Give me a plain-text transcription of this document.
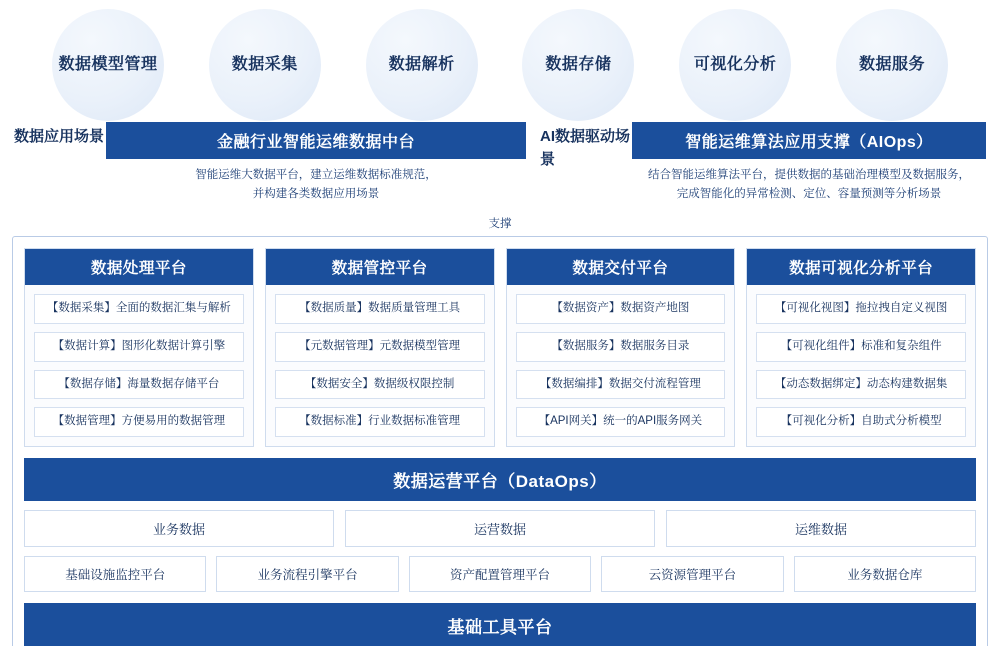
数据模型管理	数据采集	数据解析	数据存储	可视化分析	数据服务
数据应用场景	金融行业智能运维数据中台
智能运维大数据平台，建立运维数据标准规范，
并构建各类数据应用场景
AI数据驱动场景
智能运维算法应用支撑（AIOps）
结合智能运维算法平台，提供数据的基础治理模型及数据服务，
完成智能化的异常检测、定位、容量预测等分析场景
支撑
数据处理平台
【数据采集】全面的数据汇集与解析
【数据计算】图形化数据计算引擎
【数据存储】海量数据存储平台
【数据管理】方便易用的数据管理
数据管控平台
【数据质量】数据质量管理工具
【元数据管理】元数据模型管理
【数据安全】数据级权限控制
【数据标准】行业数据标准管理
数据交付平台
【数据资产】数据资产地图
【数据服务】数据服务目录
【数据编排】数据交付流程管理
【API网关】统一的API服务网关
数据可视化分析平台
【可视化视图】拖拉拽自定义视图
【可视化组件】标准和复杂组件
【动态数据绑定】动态构建数据集
【可视化分析】自助式分析模型
数据运营平台（DataOps）
业务数据	运营数据	运维数据
基础设施监控平台	业务流程引擎平台	资产配置管理平台	云资源管理平台	业务数据仓库
基础工具平台
